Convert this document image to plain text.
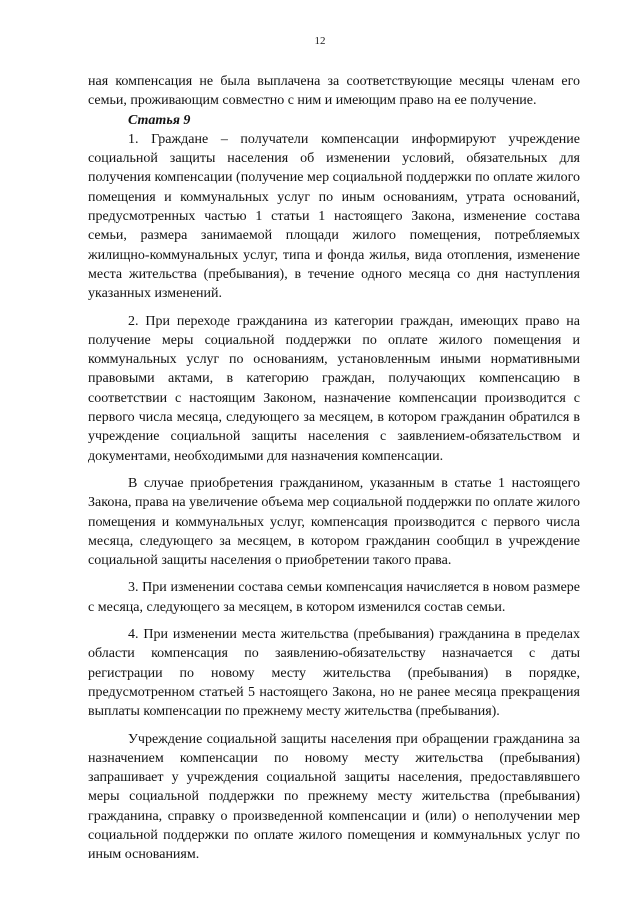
12

ная компенсация не была выплачена за соответствующие месяцы членам его семьи, проживающим совместно с ним и имеющим право на ее получение.

Статья 9

1. Граждане – получатели компенсации информируют учреждение социальной защиты населения об изменении условий, обязательных для получения компенсации (получение мер социальной поддержки по оплате жилого помещения и коммунальных услуг по иным основаниям, утрата оснований, предусмотренных частью 1 статьи 1 настоящего Закона, изменение состава семьи, размера занимаемой площади жилого помещения, потребляемых жилищно-коммунальных услуг, типа и фонда жилья, вида отопления, изменение места жительства (пребывания), в течение одного месяца со дня наступления указанных изменений.

2. При переходе гражданина из категории граждан, имеющих право на получение меры социальной поддержки по оплате жилого помещения и коммунальных услуг по основаниям, установленным иными нормативными правовыми актами, в категорию граждан, получающих компенсацию в соответствии с настоящим Законом, назначение компенсации производится с первого числа месяца, следующего за месяцем, в котором гражданин обратился в учреждение социальной защиты населения с заявлением-обязательством и документами, необходимыми для назначения компенсации.

В случае приобретения гражданином, указанным в статье 1 настоящего Закона, права на увеличение объема мер социальной поддержки по оплате жилого помещения и коммунальных услуг, компенсация производится с первого числа месяца, следующего за месяцем, в котором гражданин сообщил в учреждение социальной защиты населения о приобретении такого права.

3. При изменении состава семьи компенсация начисляется в новом размере с месяца, следующего за месяцем, в котором изменился состав семьи.

4. При изменении места жительства (пребывания) гражданина в пределах области компенсация по заявлению-обязательству назначается с даты регистрации по новому месту жительства (пребывания) в порядке, предусмотренном статьей 5 настоящего Закона, но не ранее месяца прекращения выплаты компенсации по прежнему месту жительства (пребывания).

Учреждение социальной защиты населения при обращении гражданина за назначением компенсации по новому месту жительства (пребывания) запрашивает у учреждения социальной защиты населения, предоставлявшего меры социальной поддержки по прежнему месту жительства (пребывания) гражданина, справку о произведенной компенсации и (или) о неполучении мер социальной поддержки по оплате жилого помещения и коммунальных услуг по иным основаниям.
